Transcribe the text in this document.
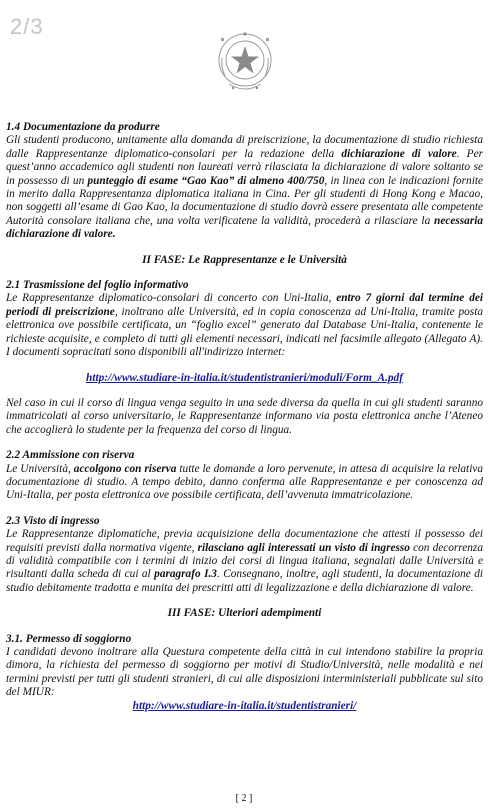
2/3

1.4 Documentazione da produrre

Gli studenti producono, unitamente alla domanda di preiscrizione, la documentazione di studio richiesta dalle Rappresentanze diplomatico-consolari per la redazione della dichiarazione di valore. Per quest’anno accademico agli studenti non laureati verrà rilasciata la dichiarazione di valore soltanto se in possesso di un punteggio di esame “Gao Kao” di almeno 400/750, in linea con le indicazioni fornite in merito dalla Rappresentanza diplomatica italiana in Cina. Per gli studenti di Hong Kong e Macao, non soggetti all’esame di Gao Kao, la documentazione di studio dovrà essere presentata alle competente Autorità consolare italiana che, una volta verificatene la validità, procederà a rilasciare la necessaria dichiarazione di valore.

II FASE: Le Rappresentanze e le Università

2.1 Trasmissione del foglio informativo

Le Rappresentanze diplomatico-consolari di concerto con Uni-Italia, entro 7 giorni dal termine dei periodi di preiscrizione, inoltrano alle Università, ed in copia conoscenza ad Uni-Italia, tramite posta elettronica ove possibile certificata, un “foglio excel” generato dal Database Uni-Italia, contenente le richieste acquisite, e completo di tutti gli elementi necessari, indicati nel facsimile allegato (Allegato A). I documenti sopracitati sono disponibili all'indirizzo internet:

http://www.studiare-in-italia.it/studentistranieri/moduli/Form_A.pdf

Nel caso in cui il corso di lingua venga seguito in una sede diversa da quella in cui gli studenti saranno immatricolati al corso universitario, le Rappresentanze informano via posta elettronica anche l’Ateneo che accoglierà lo studente per la frequenza del corso di lingua.

2.2 Ammissione con riserva

Le Università, accolgono con riserva tutte le domande a loro pervenute, in attesa di acquisire la relativa documentazione di studio. A tempo debito, danno conferma alle Rappresentanze e per conoscenza ad Uni-Italia, per posta elettronica ove possibile certificata, dell’avvenuta immatricolazione.

2.3 Visto di ingresso

Le Rappresentanze diplomatiche, previa acquisizione della documentazione che attesti il possesso dei requisiti previsti dalla normativa vigente, rilasciano agli interessati un visto di ingresso con decorrenza di validità compatibile con i termini di inizio dei corsi di lingua italiana, segnalati dalle Università e risultanti dalla scheda di cui al paragrafo I.3. Consegnano, inoltre, agli studenti, la documentazione di studio debitamente tradotta e munita dei prescritti atti di legalizzazione e della dichiarazione di valore.

III FASE: Ulteriori adempimenti

3.1. Permesso di soggiorno

I candidati devono inoltrare alla Questura competente della città in cui intendono stabilire la propria dimora, la richiesta del permesso di soggiorno per motivi di Studio/Università, nelle modalità e nei termini previsti per tutti gli studenti stranieri, di cui alle disposizioni interministeriali pubblicate sul sito del MIUR:

http://www.studiare-in-italia.it/studentistranieri/

[ 2 ]
